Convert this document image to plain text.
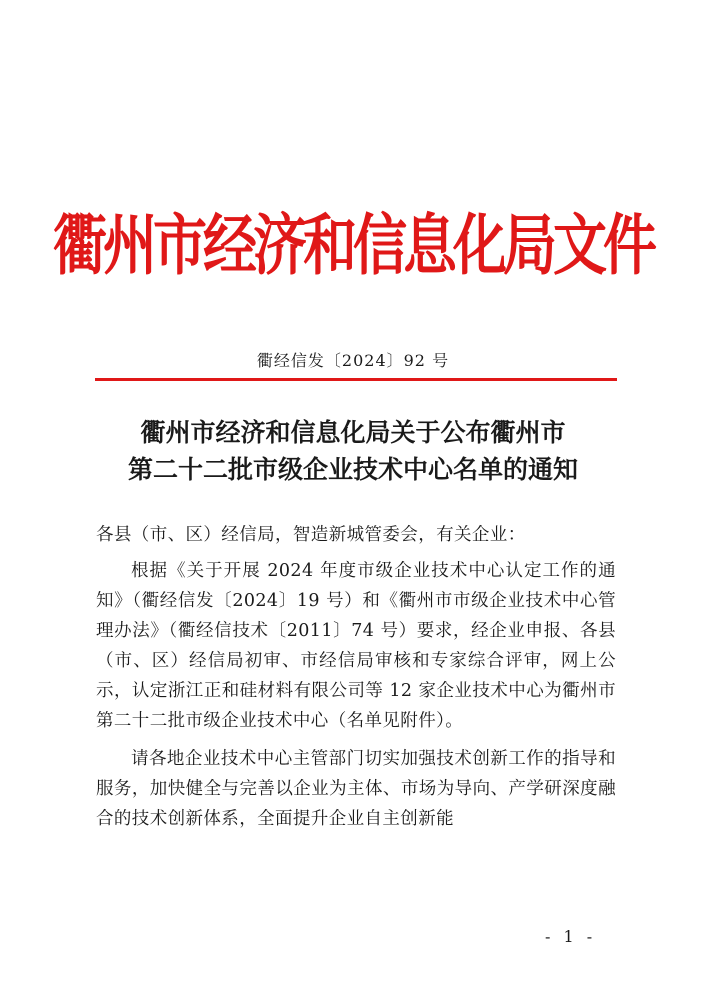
衢州市经济和信息化局文件
衢经信发〔2024〕92 号
衢州市经济和信息化局关于公布衢州市
第二十二批市级企业技术中心名单的通知

各县（市、区）经信局，智造新城管委会，有关企业：

根据《关于开展 2024 年度市级企业技术中心认定工作的通知》（衢经信发〔2024〕19 号）和《衢州市市级企业技术中心管理办法》（衢经信技术〔2011〕74 号）要求，经企业申报、各县（市、区）经信局初审、市经信局审核和专家综合评审，网上公示，认定浙江正和硅材料有限公司等 12 家企业技术中心为衢州市第二十二批市级企业技术中心（名单见附件）。

请各地企业技术中心主管部门切实加强技术创新工作的指导和服务，加快健全与完善以企业为主体、市场为导向、产学研深度融合的技术创新体系，全面提升企业自主创新能

- 1 -
